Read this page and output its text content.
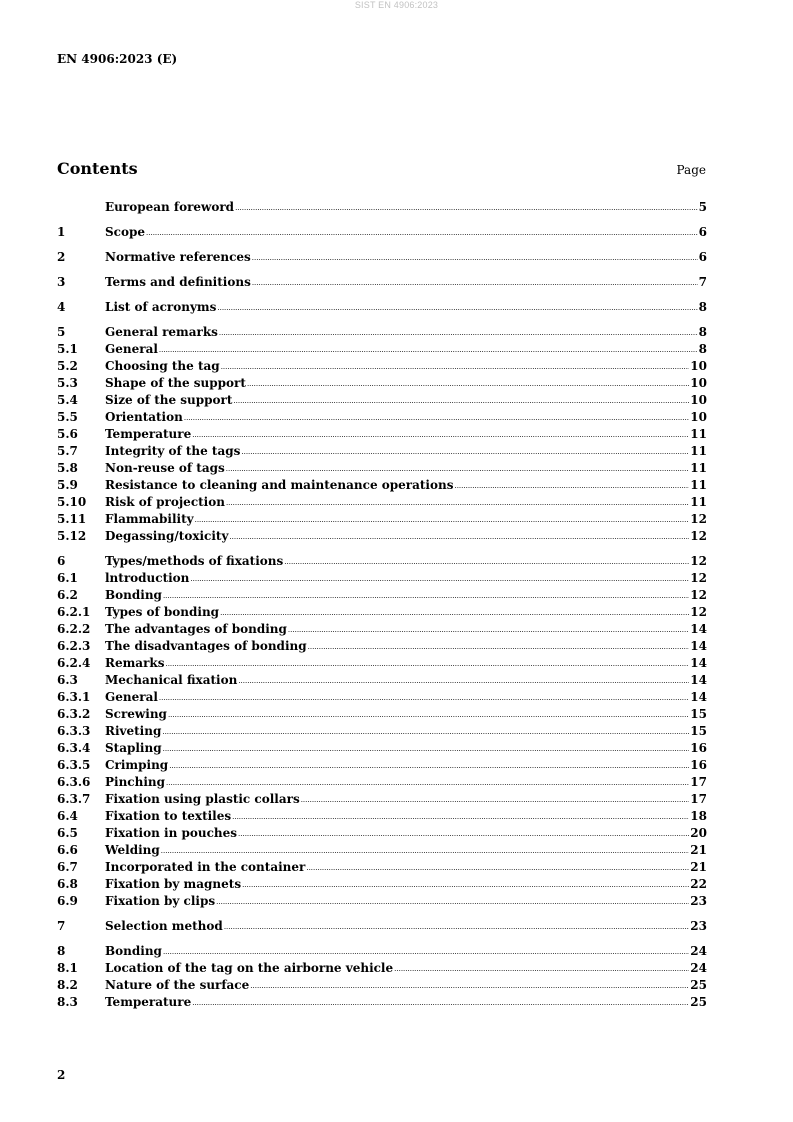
SIST EN 4906:2023
EN 4906:2023 (E)
Contents	Page
European foreword .....	5
1	Scope .....	6
2	Normative references .....	6
3	Terms and definitions .....	7
4	List of acronyms .....	8
5	General remarks .....	8
5.1	General .....	8
5.2	Choosing the tag .....	10
5.3	Shape of the support .....	10
5.4	Size of the support .....	10
5.5	Orientation .....	10
5.6	Temperature .....	11
5.7	Integrity of the tags .....	11
5.8	Non-reuse of tags .....	11
5.9	Resistance to cleaning and maintenance operations .....	11
5.10	Risk of projection .....	11
5.11	Flammability .....	12
5.12	Degassing/toxicity .....	12
6	Types/methods of fixations .....	12
6.1	lntroduction .....	12
6.2	Bonding .....	12
6.2.1	Types of bonding .....	12
6.2.2	The advantages of bonding .....	14
6.2.3	The disadvantages of bonding .....	14
6.2.4	Remarks .....	14
6.3	Mechanical fixation .....	14
6.3.1	General .....	14
6.3.2	Screwing .....	15
6.3.3	Riveting .....	15
6.3.4	Stapling .....	16
6.3.5	Crimping .....	16
6.3.6	Pinching .....	17
6.3.7	Fixation using plastic collars .....	17
6.4	Fixation to textiles .....	18
6.5	Fixation in pouches .....	20
6.6	Welding .....	21
6.7	Incorporated in the container .....	21
6.8	Fixation by magnets .....	22
6.9	Fixation by clips .....	23
7	Selection method .....	23
8	Bonding .....	24
8.1	Location of the tag on the airborne vehicle .....	24
8.2	Nature of the surface .....	25
8.3	Temperature .....	25
2
